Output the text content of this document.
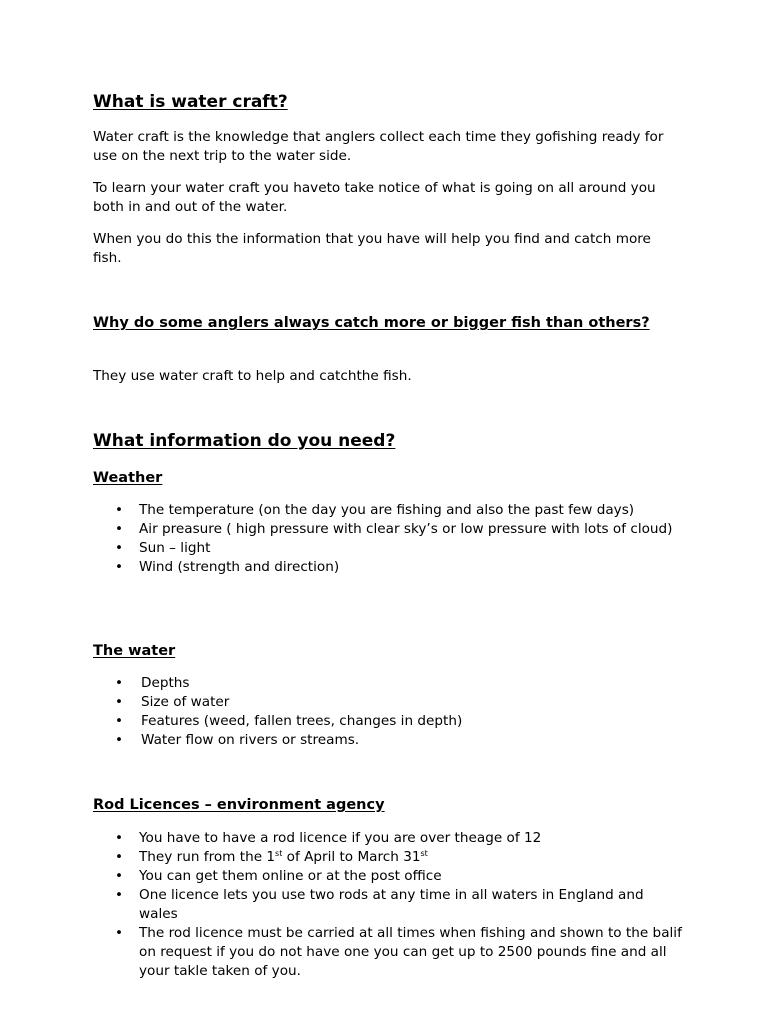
What is water craft?

Water craft is the knowledge that anglers collect each time they gofishing ready for use on the next trip to the water side.

To learn your water craft you haveto take notice of what is going on all around you both in and out of the water.

When you do this the information that you have will help you find and catch more fish.

Why do some anglers always catch more or bigger fish than others?

They use water craft to help and catchthe fish.

What information do you need?
Weather
• The temperature (on the day you are fishing and also the past few days)
• Air preasure ( high pressure with clear sky’s or low pressure with lots of cloud)
• Sun – light
• Wind (strength and direction)
The water
• Depths
• Size of water
• Features (weed, fallen trees, changes in depth)
• Water flow on rivers or streams.
Rod Licences – environment agency
• You have to have a rod licence if you are over theage of 12
• They run from the 1st of April to March 31st
• You can get them online or at the post office
• One licence lets you use two rods at any time in all waters in England and wales
• The rod licence must be carried at all times when fishing and shown to the balif on request if you do not have one you can get up to 2500 pounds fine and all your takle taken of you.
